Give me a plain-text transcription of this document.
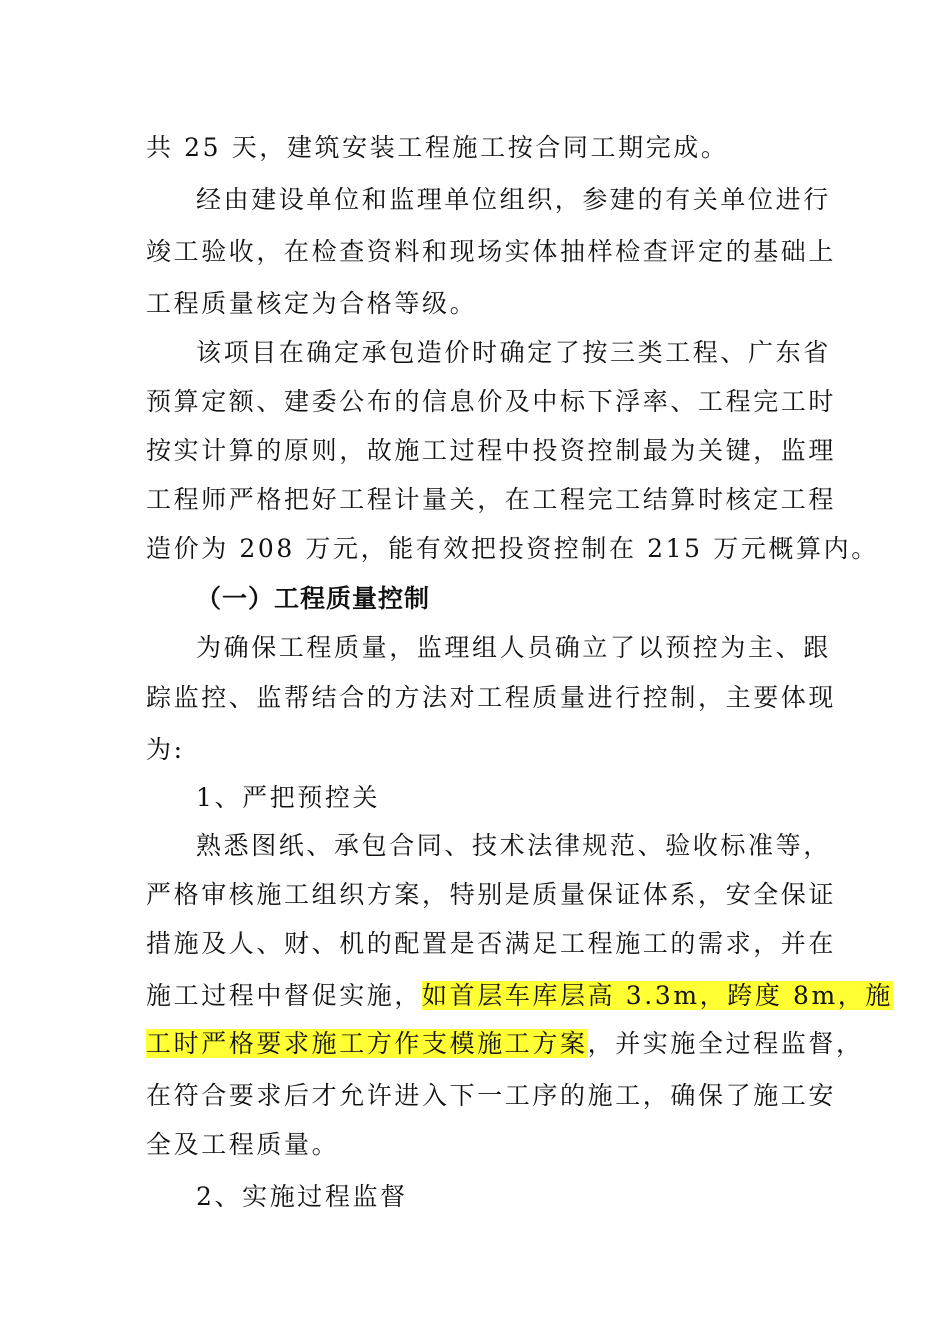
共 25 天，建筑安装工程施工按合同工期完成。
经由建设单位和监理单位组织，参建的有关单位进行
竣工验收，在检查资料和现场实体抽样检查评定的基础上
工程质量核定为合格等级。
该项目在确定承包造价时确定了按三类工程、广东省
预算定额、建委公布的信息价及中标下浮率、工程完工时
按实计算的原则，故施工过程中投资控制最为关键，监理
工程师严格把好工程计量关，在工程完工结算时核定工程
造价为 208 万元，能有效把投资控制在 215 万元概算内。
（一）工程质量控制
为确保工程质量，监理组人员确立了以预控为主、跟
踪监控、监帮结合的方法对工程质量进行控制，主要体现
为:
1、严把预控关
熟悉图纸、承包合同、技术法律规范、验收标准等，
严格审核施工组织方案，特别是质量保证体系，安全保证
措施及人、财、机的配置是否满足工程施工的需求，并在
施工过程中督促实施，如首层车库层高 3.3m，跨度 8m，施
工时严格要求施工方作支模施工方案，并实施全过程监督，
在符合要求后才允许进入下一工序的施工，确保了施工安
全及工程质量。
2、实施过程监督
